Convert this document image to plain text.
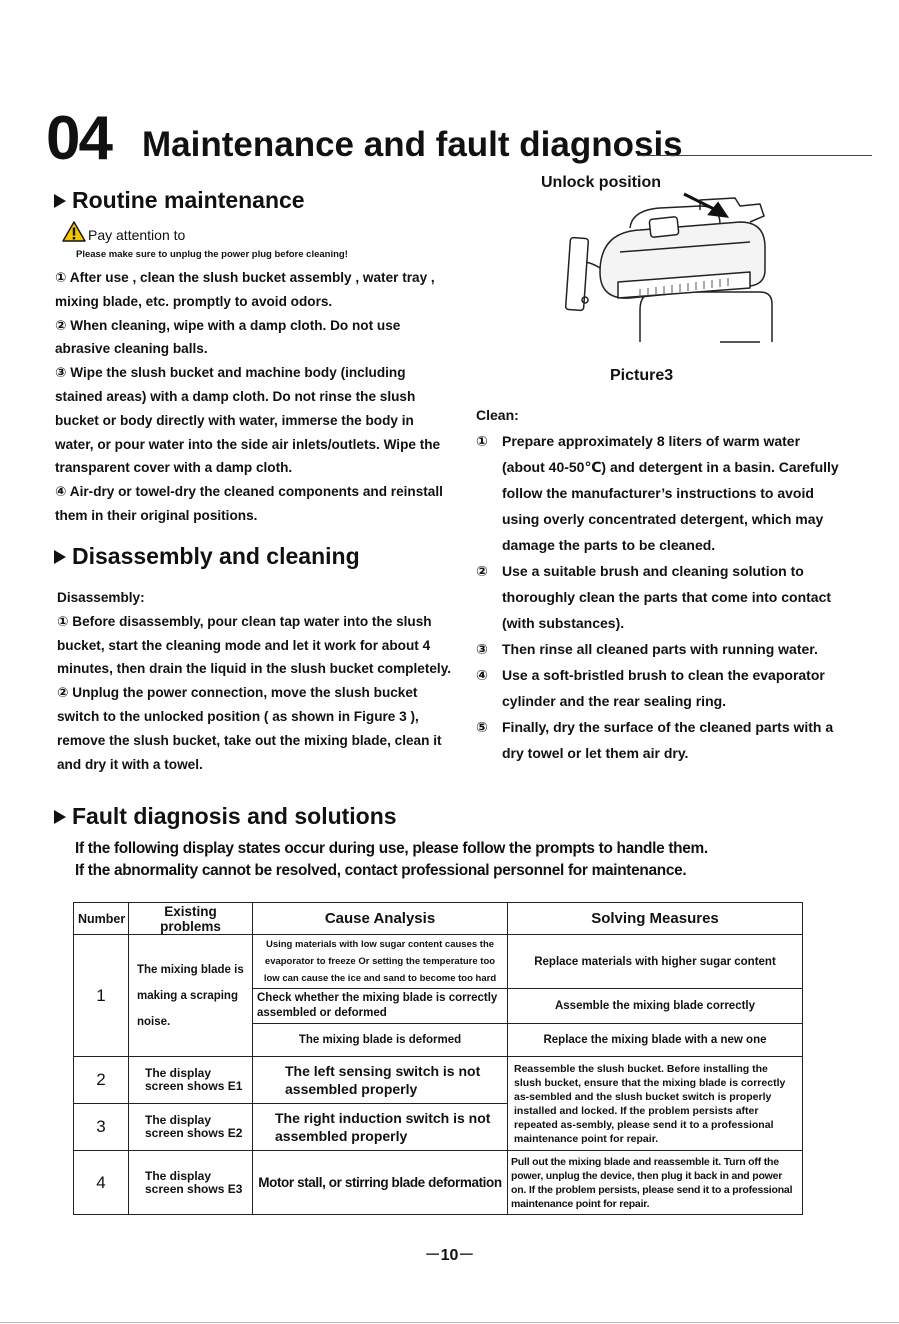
04 Maintenance and fault diagnosis
Routine maintenance
Pay attention to
Please make sure to unplug the power plug before cleaning!

① After use , clean the slush bucket assembly , water tray , mixing blade, etc. promptly to avoid odors.

② When cleaning, wipe with a damp cloth. Do not use abrasive cleaning balls.

③ Wipe the slush bucket and machine body (including stained areas) with a damp cloth. Do not rinse the slush bucket or body directly with water, immerse the body in water, or pour water into the side air inlets/outlets. Wipe the transparent cover with a damp cloth.

④ Air-dry or towel-dry the cleaned components and reinstall them in their original positions.

Unlock position
Picture3
Disassembly and cleaning

Disassembly:

① Before disassembly, pour clean tap water into the slush bucket, start the cleaning mode and let it work for about 4 minutes, then drain the liquid in the slush bucket completely.

② Unplug the power connection, move the slush bucket switch to the unlocked position ( as shown in Figure 3 ), remove the slush bucket, take out the mixing blade, clean it and dry it with a towel.

Clean:
①	Prepare approximately 8 liters of warm water (about 40-50℃) and detergent in a basin. Carefully follow the manufacturer’s instructions to avoid using overly concentrated detergent, which may damage the parts to be cleaned.
②	Use a suitable brush and cleaning solution to thoroughly clean the parts that come into contact (with substances).
③	Then rinse all cleaned parts with running water.
④	Use a soft-bristled brush to clean the evaporator cylinder and the rear sealing ring.
⑤	Finally, dry the surface of the cleaned parts with a dry towel or let them air dry.
Fault diagnosis and solutions
If the following display states occur during use, please follow the prompts to handle them.
If the abnormality cannot be resolved, contact professional personnel for maintenance.
Number	Existing problems	Cause Analysis	Solving Measures
1	The mixing blade is making a scraping noise.	Using materials with low sugar content causes the evaporator to freeze Or setting the temperature too low can cause the ice and sand to become too hard	Replace materials with higher sugar content
		Check whether the mixing blade is correctly assembled or deformed	Assemble the mixing blade correctly
		The mixing blade is deformed	Replace the mixing blade with a new one
2	The display screen shows E1	The left sensing switch is not assembled properly	Reassemble the slush bucket. Before installing the slush bucket, ensure that the mixing blade is correctly as-sembled and the slush bucket switch is properly installed and locked. If the problem persists after repeated as-sembly, please send it to a professional maintenance point for repair.
3	The display screen shows E2	The right induction switch is not assembled properly	
4	The display screen shows E3	Motor stall, or stirring blade deformation	Pull out the mixing blade and reassemble it. Turn off the power, unplug the device, then plug it back in and power on. If the problem persists, please send it to a professional maintenance point for repair.
－10－
